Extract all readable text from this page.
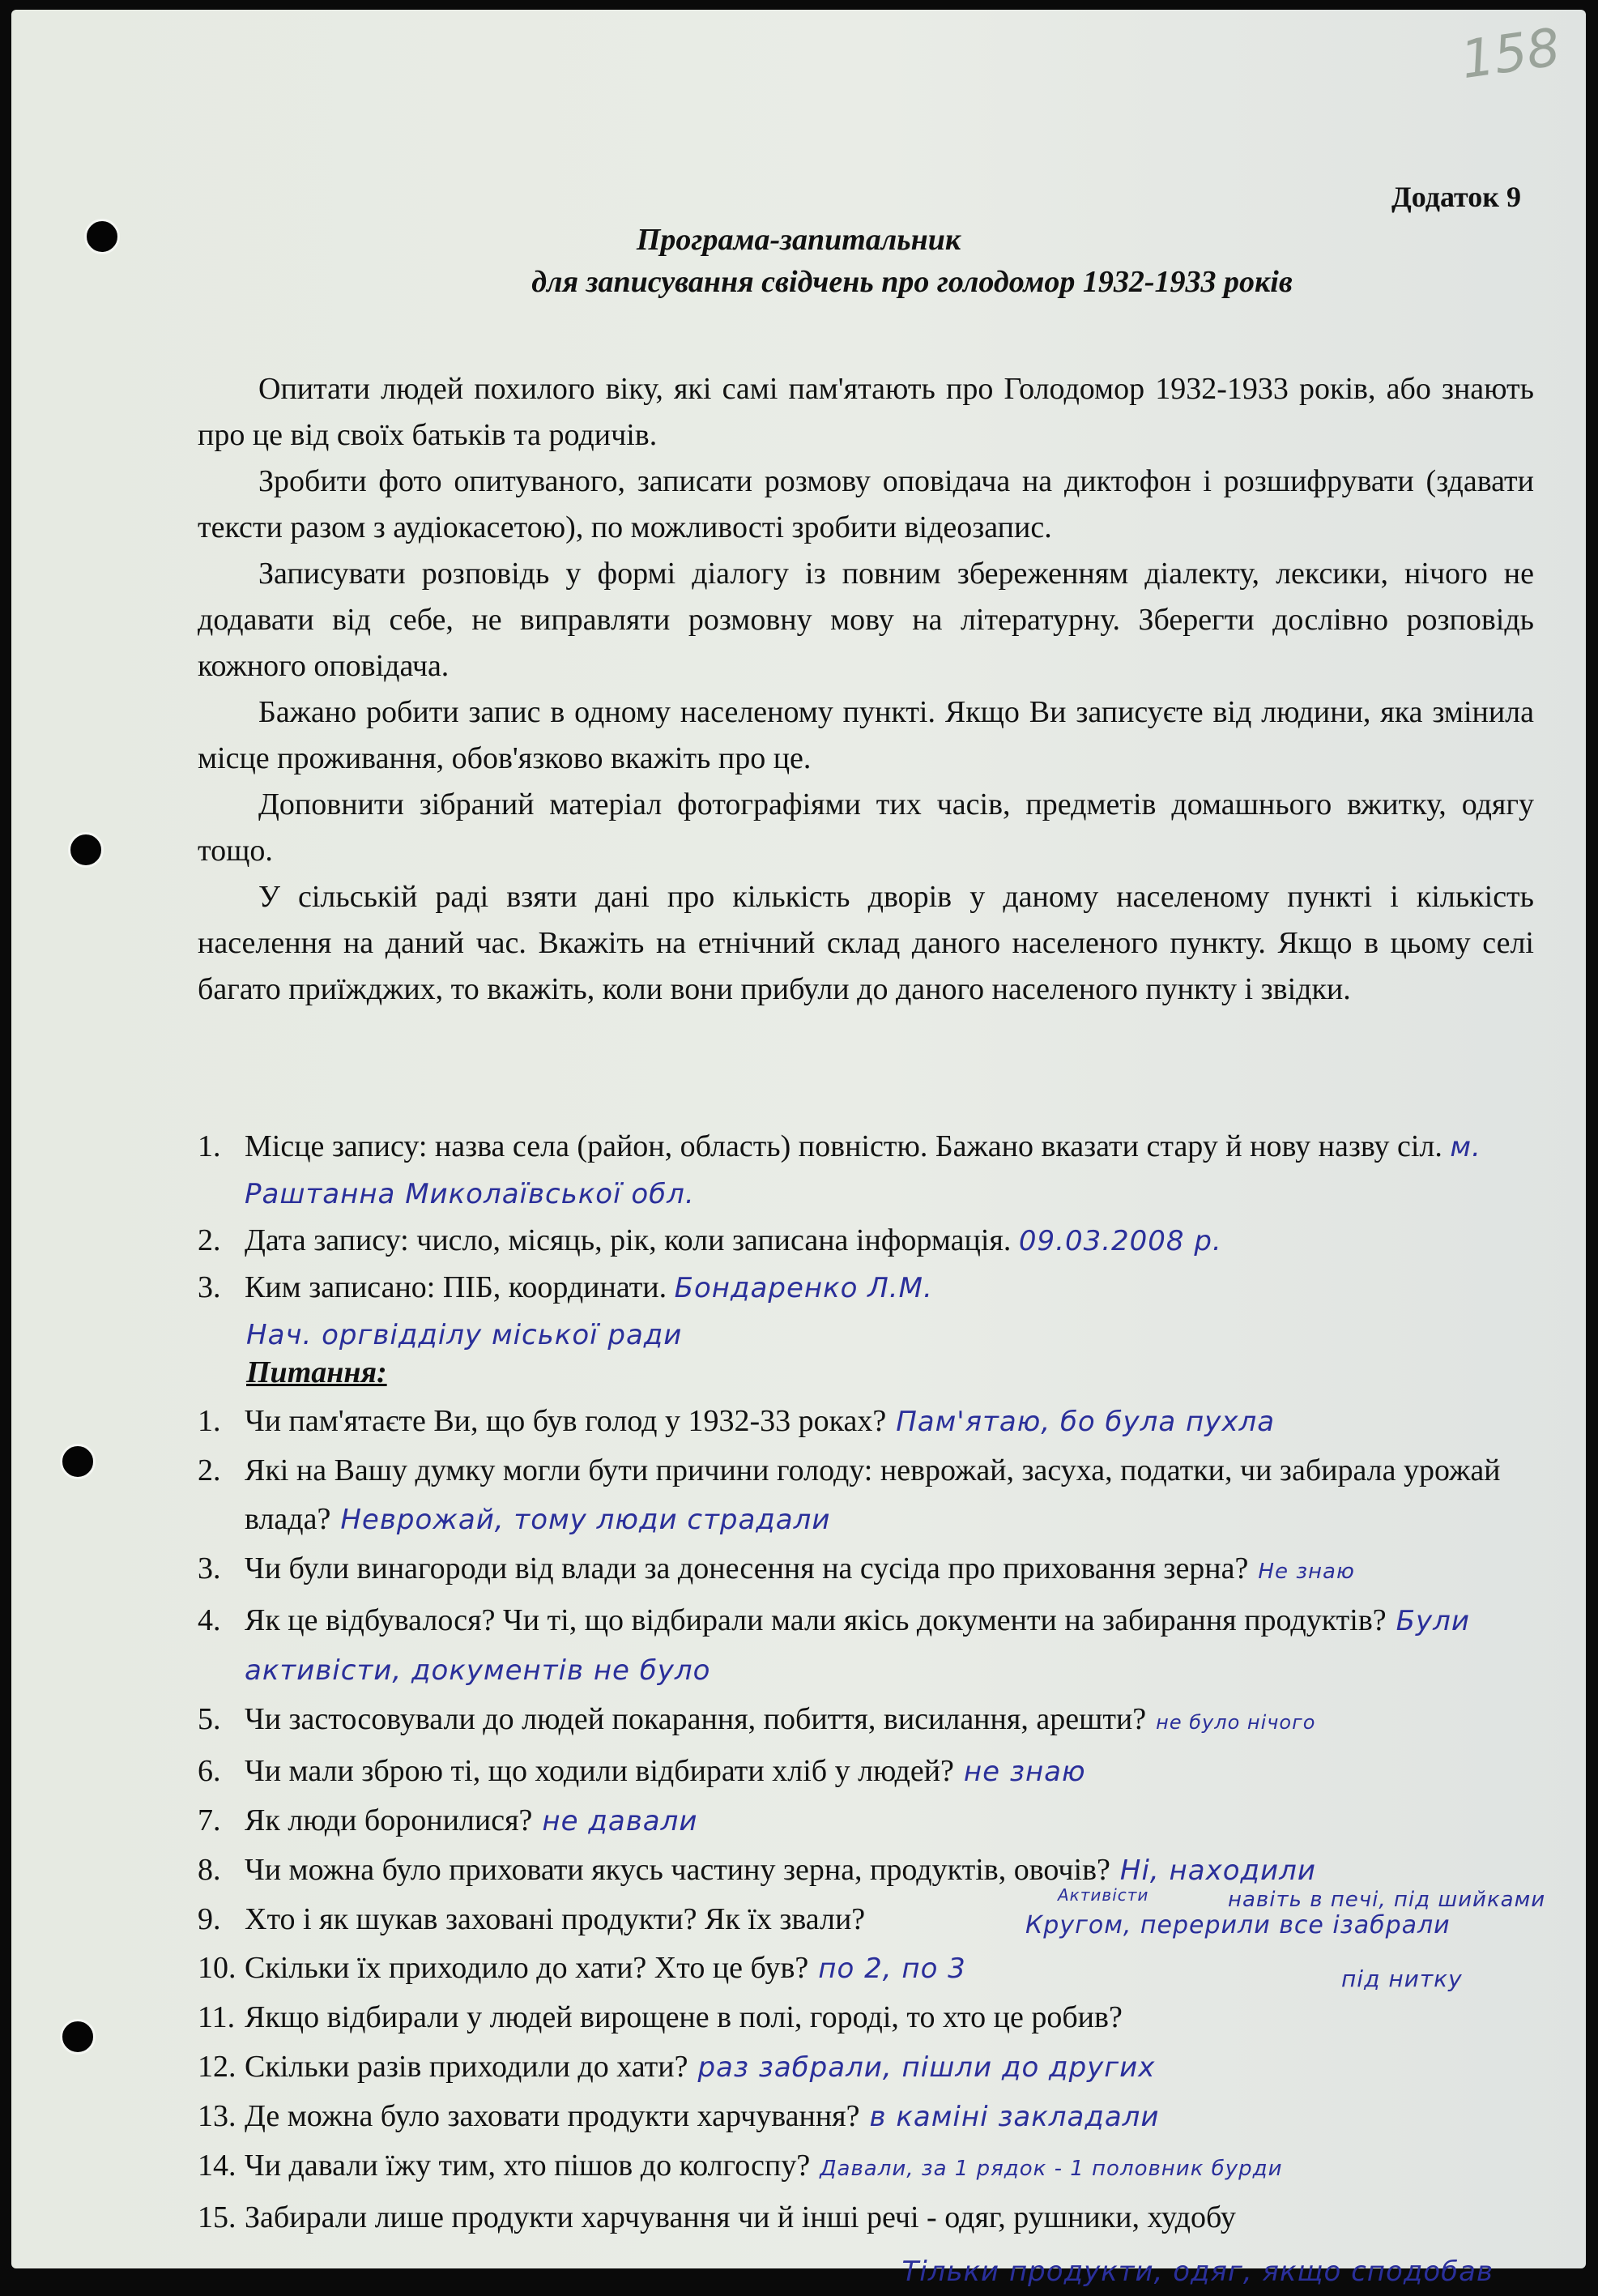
158
Додаток 9
Програма-запитальник

для записування свідчень про голодомор 1932-1933 років

Опитати людей похилого віку, які самі пам'ятають про Голодомор 1932-1933 років, або знають про це від своїх батьків та родичів.

Зробити фото опитуваного, записати розмову оповідача на диктофон і розшифрувати (здавати тексти разом з аудіокасетою), по можливості зробити відеозапис.

Записувати розповідь у формі діалогу із повним збереженням діалекту, лексики, нічого не додавати від себе, не виправляти розмовну мову на літературну. Зберегти дослівно розповідь кожного оповідача.

Бажано робити запис в одному населеному пункті. Якщо Ви записуєте від людини, яка змінила місце проживання, обов'язково вкажіть про це.

Доповнити зібраний матеріал фотографіями тих часів, предметів домашнього вжитку, одягу тощо.

У сільській раді взяти дані про кількість дворів у даному населеному пункті і кількість населення на даний час. Вкажіть на етнічний склад даного населеного пункту. Якщо в цьому селі багато приїжджих, то вкажіть, коли вони прибули до даного населеного пункту і звідки.

1. Місце запису: назва села (район, область) повністю. Бажано вказати стару й нову назву сіл. м. Раштанна Миколаївської обл.
2. Дата запису: число, місяць, рік, коли записана інформація. 09.03.2008 р.
3. Ким записано: ПІБ, координати. Бондаренко Л.М.
Нач. оргвідділу міської ради
Питання:
1. Чи пам'ятаєте Ви, що був голод у 1932-33 роках? Пам'ятаю, бо була пухла
2. Які на Вашу думку могли бути причини голоду: неврожай, засуха, податки, чи забирала урожай влада? Неврожай, тому люди страдали
3. Чи були винагороди від влади за донесення на сусіда про приховання зерна? Не знаю
4. Як це відбувалося? Чи ті, що відбирали мали якісь документи на забирання продуктів? Були активісти, документів не було
5. Чи застосовували до людей покарання, побиття, висилання, арешти? не було нічого
6. Чи мали зброю ті, що ходили відбирати хліб у людей? не знаю
7. Як люди боронилися? не давали
8. Чи можна було приховати якусь частину зерна, продуктів, овочів? Ні, находили
9. Хто і як шукав заховані продукти? Як їх звали?
Активісти	навіть в печі, під шийками
Кругом, перерили все ізабрали
10. Скільки їх приходило до хати? Хто це був? по 2, по 3	під нитку
11. Якщо відбирали у людей вирощене в полі, городі, то хто це робив?
12. Скільки разів приходили до хати? раз забрали, пішли до других
13. Де можна було заховати продукти харчування? в каміні закладали
14. Чи давали їжу тим, хто пішов до колгоспу? Давали, за 1 рядок - 1 половник бурди
15. Забирали лише продукти харчування чи й інші речі - одяг, рушники, худобу
Тільки продукти, одяг, якщо сподобав
